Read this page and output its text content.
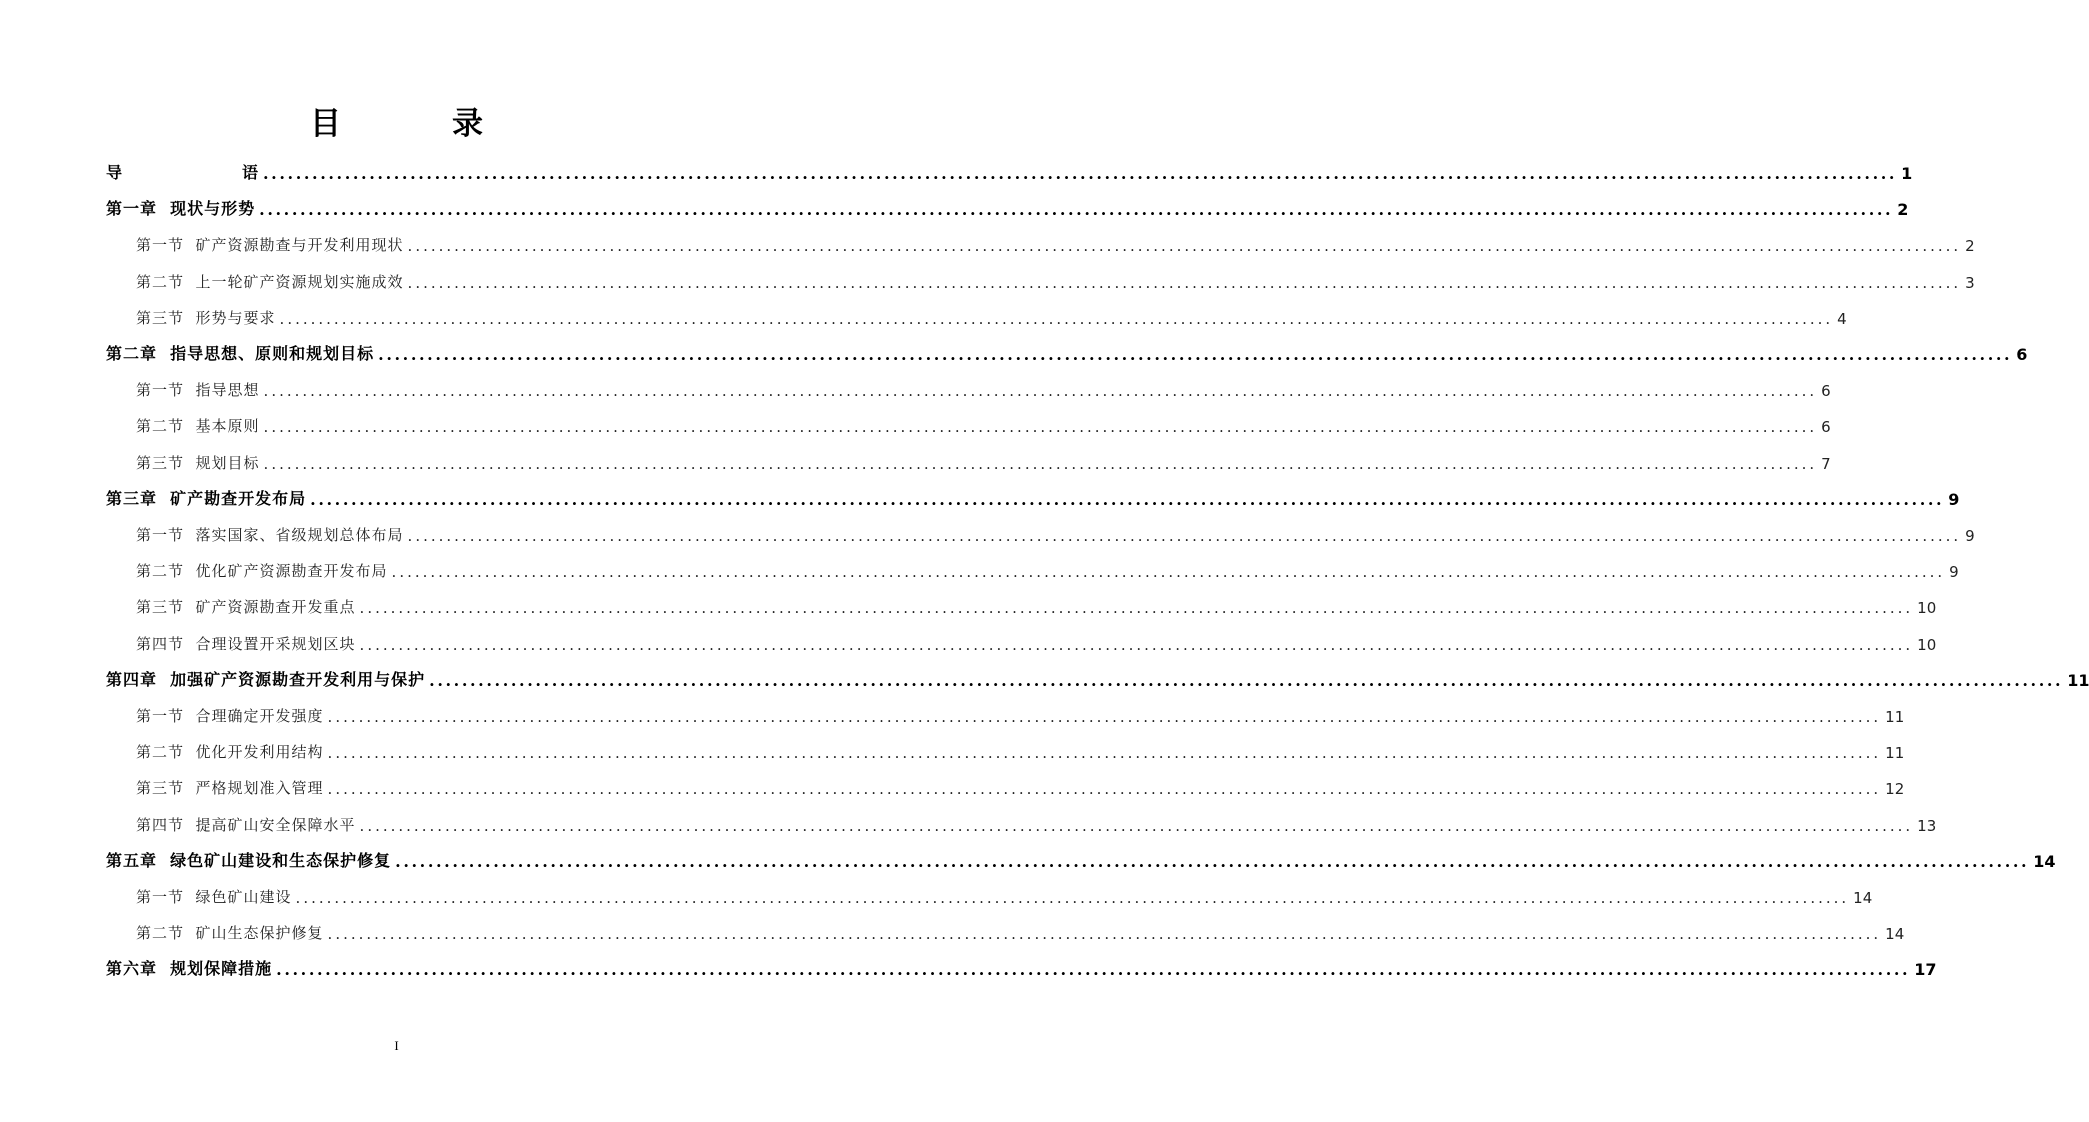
目　录
导　　　　　　　语 ........................................................................................................................................................................................................ 1
第一章  现状与形势 ........................................................................................................................................................................................................ 2
第一节  矿产资源勘查与开发利用现状 ........................................................................................................................................................................................................ 2
第二节  上一轮矿产资源规划实施成效 ........................................................................................................................................................................................................ 3
第三节  形势与要求 ........................................................................................................................................................................................................ 4
第二章  指导思想、原则和规划目标 ........................................................................................................................................................................................................ 6
第一节  指导思想 ........................................................................................................................................................................................................ 6
第二节  基本原则 ........................................................................................................................................................................................................ 6
第三节  规划目标 ........................................................................................................................................................................................................ 7
第三章  矿产勘查开发布局 ........................................................................................................................................................................................................ 9
第一节  落实国家、省级规划总体布局 ........................................................................................................................................................................................................ 9
第二节  优化矿产资源勘查开发布局 ........................................................................................................................................................................................................ 9
第三节  矿产资源勘查开发重点 ........................................................................................................................................................................................................ 10
第四节  合理设置开采规划区块 ........................................................................................................................................................................................................ 10
第四章  加强矿产资源勘查开发利用与保护 ........................................................................................................................................................................................................ 11
第一节  合理确定开发强度 ........................................................................................................................................................................................................ 11
第二节  优化开发利用结构 ........................................................................................................................................................................................................ 11
第三节  严格规划准入管理 ........................................................................................................................................................................................................ 12
第四节  提高矿山安全保障水平 ........................................................................................................................................................................................................ 13
第五章  绿色矿山建设和生态保护修复 ........................................................................................................................................................................................................ 14
第一节  绿色矿山建设 ........................................................................................................................................................................................................ 14
第二节  矿山生态保护修复 ........................................................................................................................................................................................................ 14
第六章  规划保障措施 ........................................................................................................................................................................................................ 17
I
